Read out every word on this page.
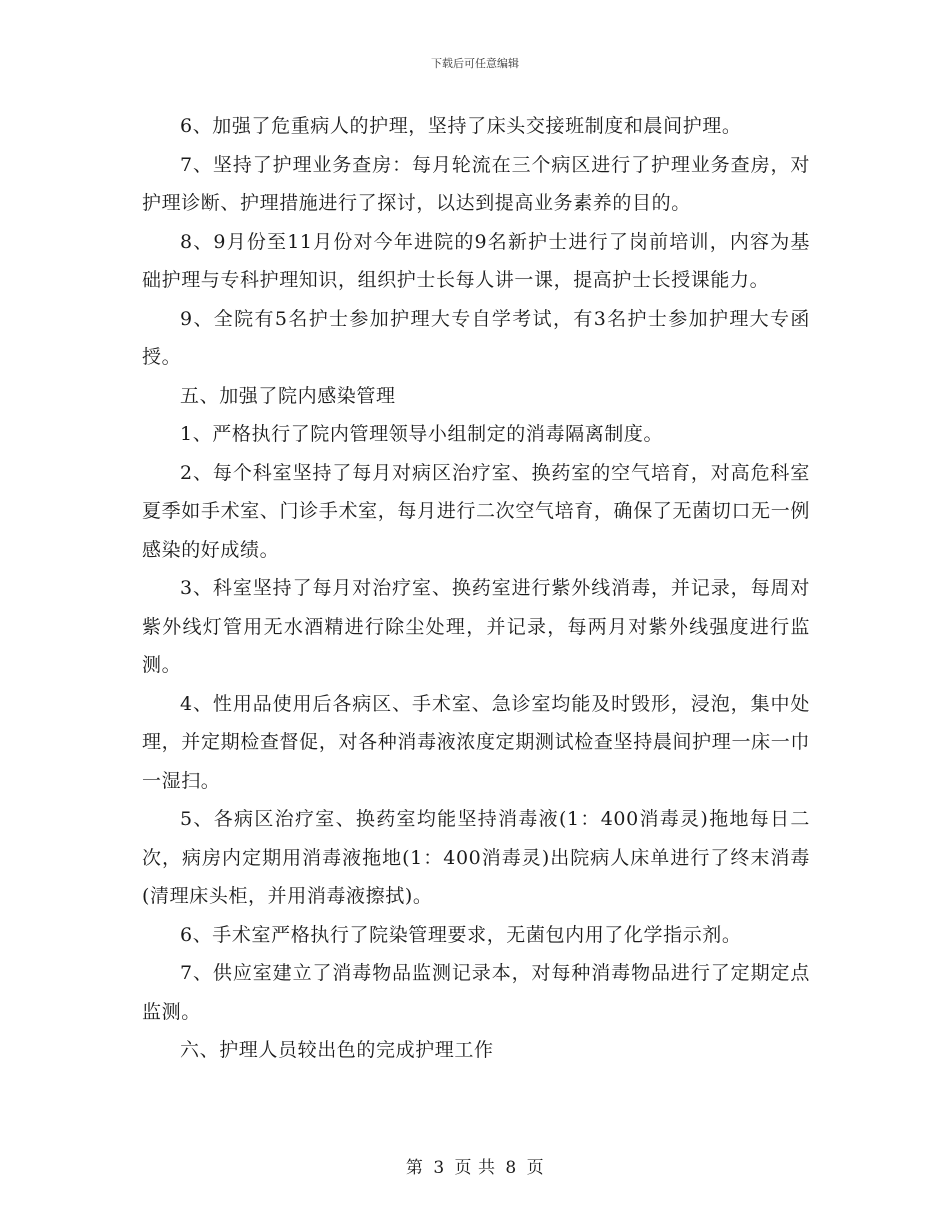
下载后可任意编辑

6、加强了危重病人的护理，坚持了床头交接班制度和晨间护理。

7、坚持了护理业务查房：每月轮流在三个病区进行了护理业务查房，对护理诊断、护理措施进行了探讨，以达到提高业务素养的目的。

8、9月份至11月份对今年进院的9名新护士进行了岗前培训，内容为基础护理与专科护理知识，组织护士长每人讲一课，提高护士长授课能力。

9、全院有5名护士参加护理大专自学考试，有3名护士参加护理大专函授。

五、加强了院内感染管理

1、严格执行了院内管理领导小组制定的消毒隔离制度。

2、每个科室坚持了每月对病区治疗室、换药室的空气培育，对高危科室夏季如手术室、门诊手术室，每月进行二次空气培育，确保了无菌切口无一例感染的好成绩。

3、科室坚持了每月对治疗室、换药室进行紫外线消毒，并记录，每周对紫外线灯管用无水酒精进行除尘处理，并记录，每两月对紫外线强度进行监测。

4、性用品使用后各病区、手术室、急诊室均能及时毁形，浸泡，集中处理，并定期检查督促，对各种消毒液浓度定期测试检查坚持晨间护理一床一巾一湿扫。

5、各病区治疗室、换药室均能坚持消毒液(1：400消毒灵)拖地每日二次，病房内定期用消毒液拖地(1：400消毒灵)出院病人床单进行了终末消毒(清理床头柜，并用消毒液擦拭)。

6、手术室严格执行了院染管理要求，无菌包内用了化学指示剂。

7、供应室建立了消毒物品监测记录本，对每种消毒物品进行了定期定点监测。

六、护理人员较出色的完成护理工作

第 3 页 共 8 页
